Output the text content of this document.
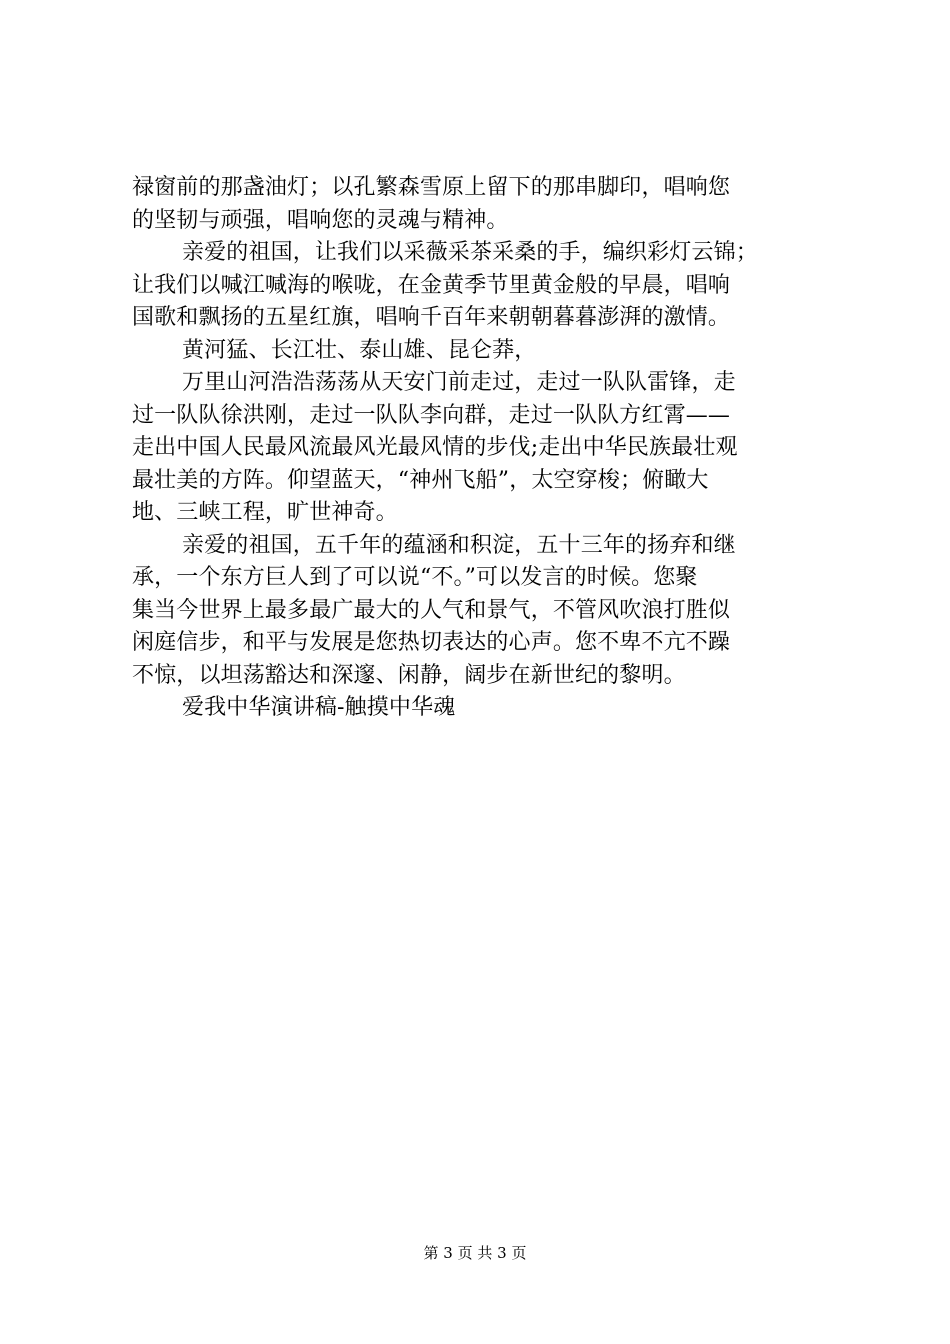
禄窗前的那盏油灯；以孔繁森雪原上留下的那串脚印，唱响您
的坚韧与顽强，唱响您的灵魂与精神。
亲爱的祖国，让我们以采薇采茶采桑的手，编织彩灯云锦；
让我们以喊江喊海的喉咙，在金黄季节里黄金般的早晨，唱响
国歌和飘扬的五星红旗，唱响千百年来朝朝暮暮澎湃的激情。
黄河猛、长江壮、泰山雄、昆仑莽，
万里山河浩浩荡荡从天安门前走过，走过一队队雷锋，走
过一队队徐洪刚，走过一队队李向群，走过一队队方红霄——
走出中国人民最风流最风光最风情的步伐;走出中华民族最壮观
最壮美的方阵。仰望蓝天，“神州飞船”，太空穿梭；俯瞰大
地、三峡工程，旷世神奇。
亲爱的祖国，五千年的蕴涵和积淀，五十三年的扬弃和继
承，一个东方巨人到了可以说“不。”可以发言的时候。您聚
集当今世界上最多最广最大的人气和景气，不管风吹浪打胜似
闲庭信步，和平与发展是您热切表达的心声。您不卑不亢不躁
不惊，以坦荡豁达和深邃、闲静，阔步在新世纪的黎明。
爱我中华演讲稿-触摸中华魂
第 3 页 共 3 页
